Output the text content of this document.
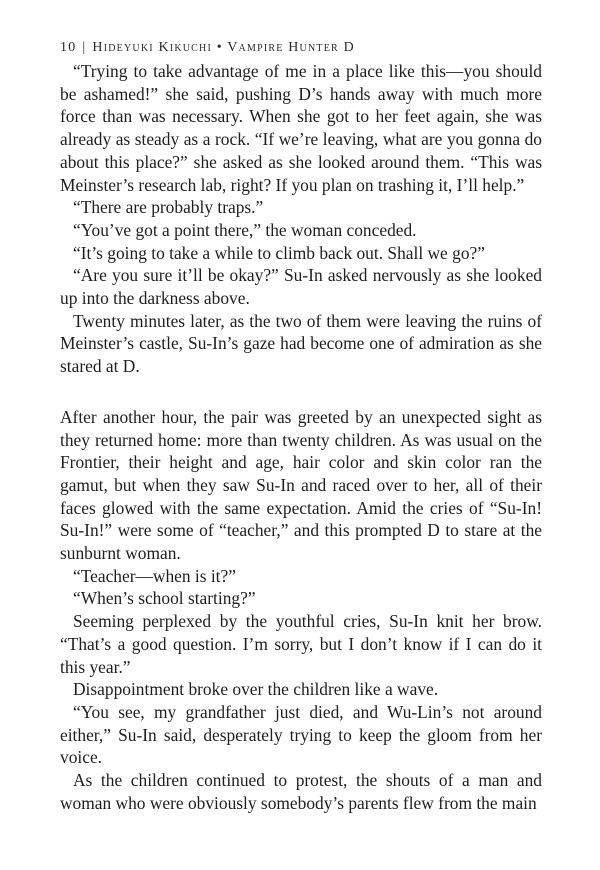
10 | Hideyuki Kikuchi • Vampire Hunter D

“Trying to take advantage of me in a place like this—you should be ashamed!” she said, pushing D’s hands away with much more force than was necessary. When she got to her feet again, she was already as steady as a rock. “If we’re leaving, what are you gonna do about this place?” she asked as she looked around them. “This was Meinster’s research lab, right? If you plan on trashing it, I’ll help.”

“There are probably traps.”

“You’ve got a point there,” the woman conceded.

“It’s going to take a while to climb back out. Shall we go?”

“Are you sure it’ll be okay?” Su-In asked nervously as she looked up into the darkness above.

Twenty minutes later, as the two of them were leaving the ruins of Meinster’s castle, Su-In’s gaze had become one of admiration as she stared at D.

After another hour, the pair was greeted by an unexpected sight as they returned home: more than twenty children. As was usual on the Frontier, their height and age, hair color and skin color ran the gamut, but when they saw Su-In and raced over to her, all of their faces glowed with the same expectation. Amid the cries of “Su-In! Su-In!” were some of “teacher,” and this prompted D to stare at the sunburnt woman.

“Teacher—when is it?”

“When’s school starting?”

Seeming perplexed by the youthful cries, Su-In knit her brow. “That’s a good question. I’m sorry, but I don’t know if I can do it this year.”

Disappointment broke over the children like a wave.

“You see, my grandfather just died, and Wu-Lin’s not around either,” Su-In said, desperately trying to keep the gloom from her voice.

As the children continued to protest, the shouts of a man and woman who were obviously somebody’s parents flew from the main
